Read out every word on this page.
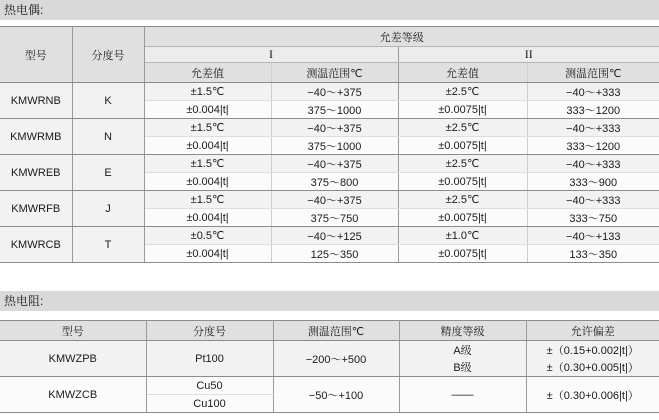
热电偶:
型号	分度号	允差等级			
		I		II	
		允差值	测温范围℃	允差值	测温范围℃
KMWRNB	K	±1.5℃	−40～+375	±2.5℃	−40～+333
		±0.004|t|	375～1000	±0.0075|t|	333～1200
KMWRMB	N	±1.5℃	−40～+375	±2.5℃	−40～+333
		±0.004|t|	375～1000	±0.0075|t|	333～1200
KMWREB	E	±1.5℃	−40～+375	±2.5℃	−40～+333
		±0.004|t|	375～800	±0.0075|t|	333～900
KMWRFB	J	±1.5℃	−40～+375	±2.5℃	−40～+333
		±0.004|t|	375～750	±0.0075|t|	333～750
KMWRCB	T	±0.5℃	−40～+125	±1.0℃	−40～+133
		±0.004|t|	125～350	±0.0075|t|	133～350
热电阻:
型号	分度号	测温范围℃	精度等级	允许偏差
KMWZPB	Pt100	−200～+500	A级	±（0.15+0.002|t|）
			B级	±（0.30+0.005|t|）
KMWZCB	Cu50	−50～+100	——	±（0.30+0.006|t|）
	Cu100			
